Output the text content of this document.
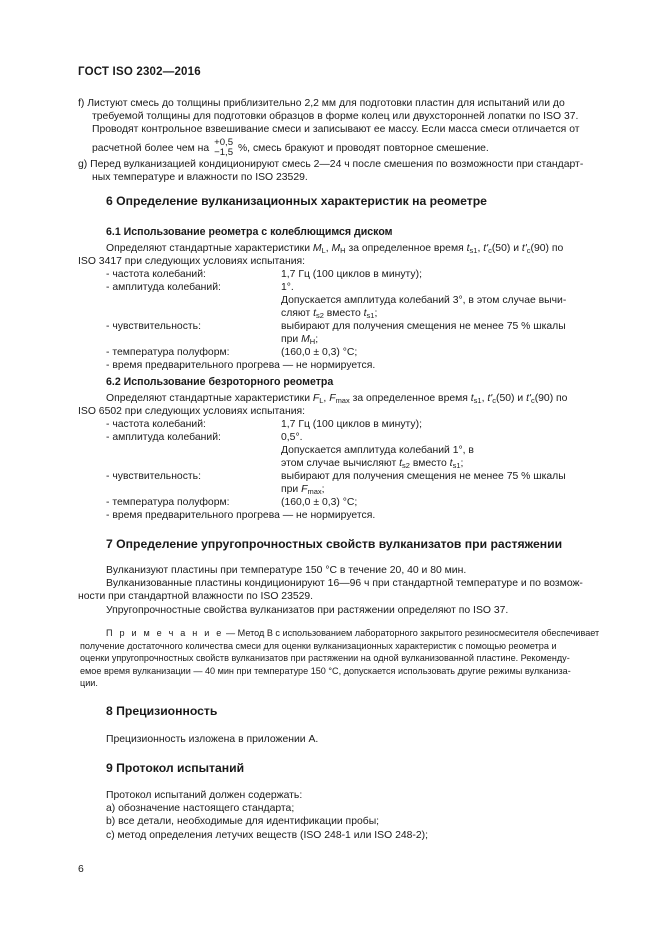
ГОСТ ISO 2302—2016
f) Листуют смесь до толщины приблизительно 2,2 мм для подготовки пластин для испытаний или до
требуемой толщины для подготовки образцов в форме колец или двухсторонней лопатки по ISO 37.
Проводят контрольное взвешивание смеси и записывают ее массу. Если масса смеси отличается от
расчетной более чем на
+0,5
−1,5 %, смесь бракуют и проводят повторное смешение.
g) Перед вулканизацией кондиционируют смесь 2—24 ч после смешения по возможности при стандарт-
ных температуре и влажности по ISO 23529.
6 Определение вулканизационных характеристик на реометре
6.1 Использование реометра с колеблющимся диском
Определяют стандартные характеристики $M_L$, $M_H$ за определенное время $t_{s1}$, $t'_c(50)$ и $t'_c(90)$ по
ISO 3417 при следующих условиях испытания:
- частота колебаний:	1,7 Гц (100 циклов в минуту);
- амплитуда колебаний:	1°.
Допускается амплитуда колебаний 3°, в этом случае вычи-
сляют $t_{s2}$ вместо $t_{s1}$;
- чувствительность:	выбирают для получения смещения не менее 75 % шкалы
при $M_H$;
- температура полуформ:	(160,0 ± 0,3) °С;
- время предварительного прогрева — не нормируется.
6.2 Использование безроторного реометра
Определяют стандартные характеристики $F_L$, $F_{max}$ за определенное время $t_{s1}$, $t'_c(50)$ и $t'_c(90)$ по
ISO 6502 при следующих условиях испытания:
- частота колебаний:	1,7 Гц (100 циклов в минуту);
- амплитуда колебаний:	0,5°.
Допускается амплитуда колебаний 1°, в
этом случае вычисляют $t_{s2}$ вместо $t_{s1}$;
- чувствительность:	выбирают для получения смещения не менее 75 % шкалы
при $F_{max}$;
- температура полуформ:	(160,0 ± 0,3) °С;
- время предварительного прогрева — не нормируется.
7 Определение упругопрочностных свойств вулканизатов при растяжении
Вулканизуют пластины при температуре 150 °С в течение 20, 40 и 80 мин.
Вулканизованные пластины кондиционируют 16—96 ч при стандартной температуре и по возмож-
ности при стандартной влажности по ISO 23529.
Упругопрочностные свойства вулканизатов при растяжении определяют по ISO 37.
П р и м е ч а н и е — Метод В с использованием лабораторного закрытого резиносмесителя обеспечивает
получение достаточного количества смеси для оценки вулканизационных характеристик с помощью реометра и
оценки упругопрочностных свойств вулканизатов при растяжении на одной вулканизованной пластине. Рекоменду-
емое время вулканизации — 40 мин при температуре 150 °С, допускается использовать другие режимы вулканиза-
ции.
8 Прецизионность
Прецизионность изложена в приложении А.
9 Протокол испытаний
Протокол испытаний должен содержать:
а) обозначение настоящего стандарта;
b) все детали, необходимые для идентификации пробы;
с) метод определения летучих веществ (ISO 248-1 или ISO 248-2);
6
